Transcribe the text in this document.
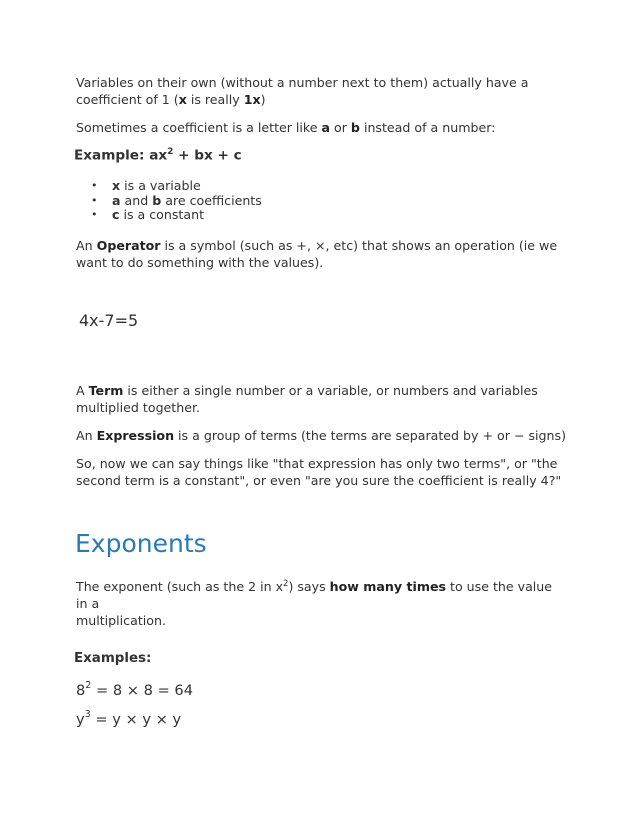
Variables on their own (without a number next to them) actually have a
coefficient of 1 (x is really 1x)

Sometimes a coefficient is a letter like a or b instead of a number:

Example: $ax^2$ + bx + c

• x is a variable
• a and b are coefficients
• c is a constant

An Operator is a symbol (such as +, ×, etc) that shows an operation (ie we
want to do something with the values).

4x-7=5

A Term is either a single number or a variable, or numbers and variables
multiplied together.

An Expression is a group of terms (the terms are separated by + or − signs)

So, now we can say things like "that expression has only two terms", or "the
second term is a constant", or even "are you sure the coefficient is really 4?"

Exponents

The exponent (such as the 2 in $x^2$) says how many times to use the value in a
multiplication.

Examples:

$8^2 = 8 \times 8 = 64$

$y^3 = y \times y \times y$
